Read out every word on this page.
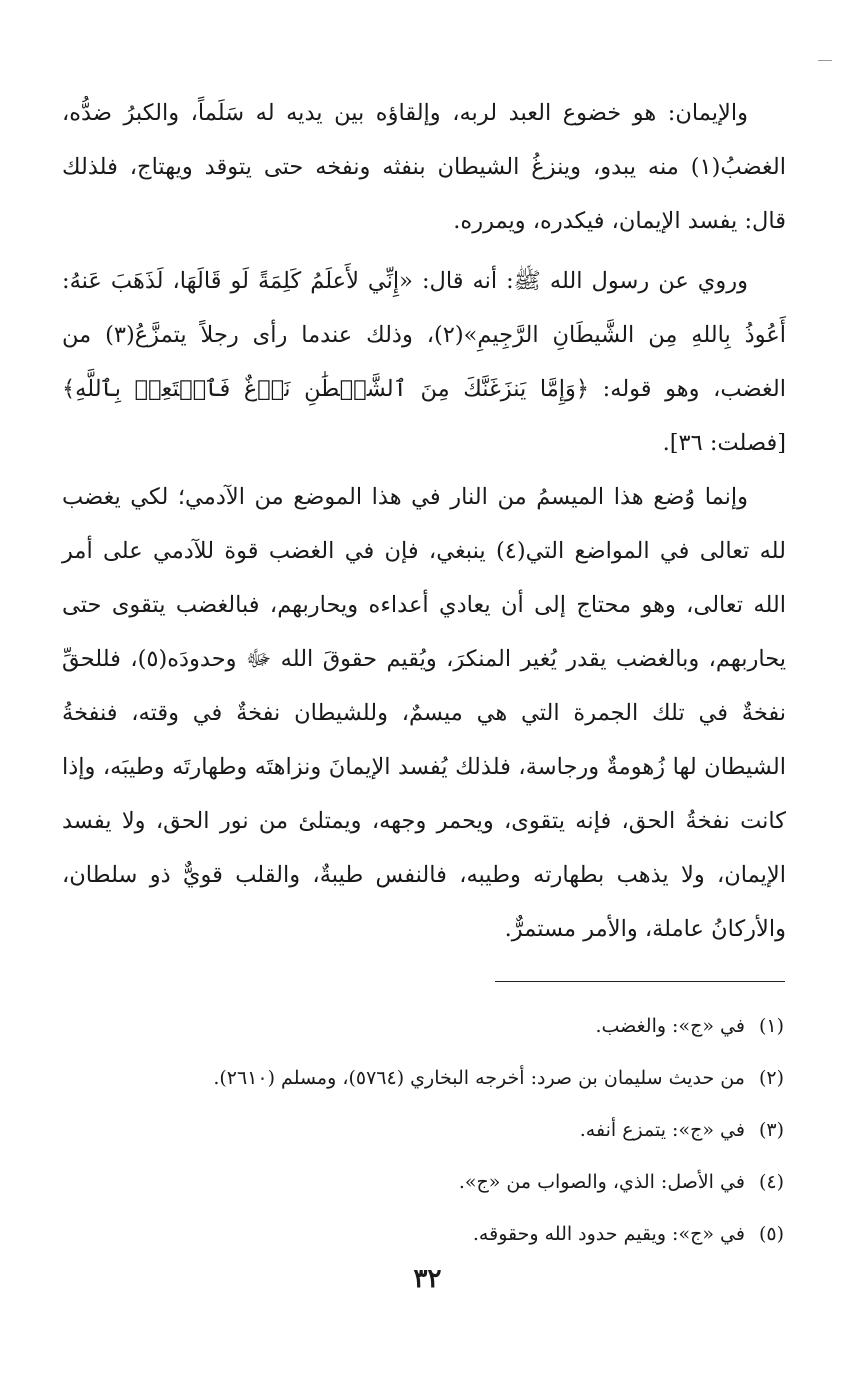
والإيمان: هو خضوع العبد لربه، وإلقاؤه بين يديه له سَلَماً، والكبرُ ضدُّه، الغضبُ(١) منه يبدو، وينزغُ الشيطان بنفثه ونفخه حتى يتوقد ويهتاج، فلذلك قال: يفسد الإيمان، فيكدره، ويمرره.

وروي عن رسول الله ﷺ: أنه قال: «إِنِّي لأَعلَمُ كَلِمَةً لَو قَالَهَا، لَذَهَبَ عَنهُ: أَعُوذُ بِاللهِ مِن الشَّيطَانِ الرَّجِيمِ»(٢)، وذلك عندما رأى رجلاً يتمزَّعُ(٣) من الغضب، وهو قوله: ﴿وَإِمَّا يَنزَغَنَّكَ مِنَ ٱلشَّيۡطَٰنِ نَزۡغٌ فَٱسۡتَعِذۡ بِٱللَّهِ﴾[فصلت: ٣٦].

وإنما وُضع هذا الميسمُ من النار في هذا الموضع من الآدمي؛ لكي يغضب لله تعالى في المواضع التي(٤) ينبغي، فإن في الغضب قوة للآدمي على أمر الله تعالى، وهو محتاج إلى أن يعادي أعداءه ويحاربهم، فبالغضب يتقوى حتى يحاربهم، وبالغضب يقدر يُغير المنكرَ، ويُقيم حقوقَ الله ﷻ وحدودَه(٥)، فللحقِّ نفخةٌ في تلك الجمرة التي هي ميسمٌ، وللشيطان نفخةٌ في وقته، فنفخةُ الشيطان لها زُهومةٌ ورجاسة، فلذلك يُفسد الإيمانَ ونزاهتَه وطهارتَه وطيبَه، وإذا كانت نفخةُ الحق، فإنه يتقوى، ويحمر وجهه، ويمتلئ من نور الحق، ولا يفسد الإيمان، ولا يذهب بطهارته وطيبه، فالنفس طيبةٌ، والقلب قويٌّ ذو سلطان، والأركانُ عاملة، والأمر مستمرٌّ.

(١)في «ج»: والغضب.
(٢)من حديث سليمان بن صرد: أخرجه البخاري (٥٧٦٤)، ومسلم (٢٦١٠).
(٣)في «ج»: يتمزع أنفه.
(٤)في الأصل: الذي، والصواب من «ج».
(٥)في «ج»: ويقيم حدود الله وحقوقه.
٣٢
